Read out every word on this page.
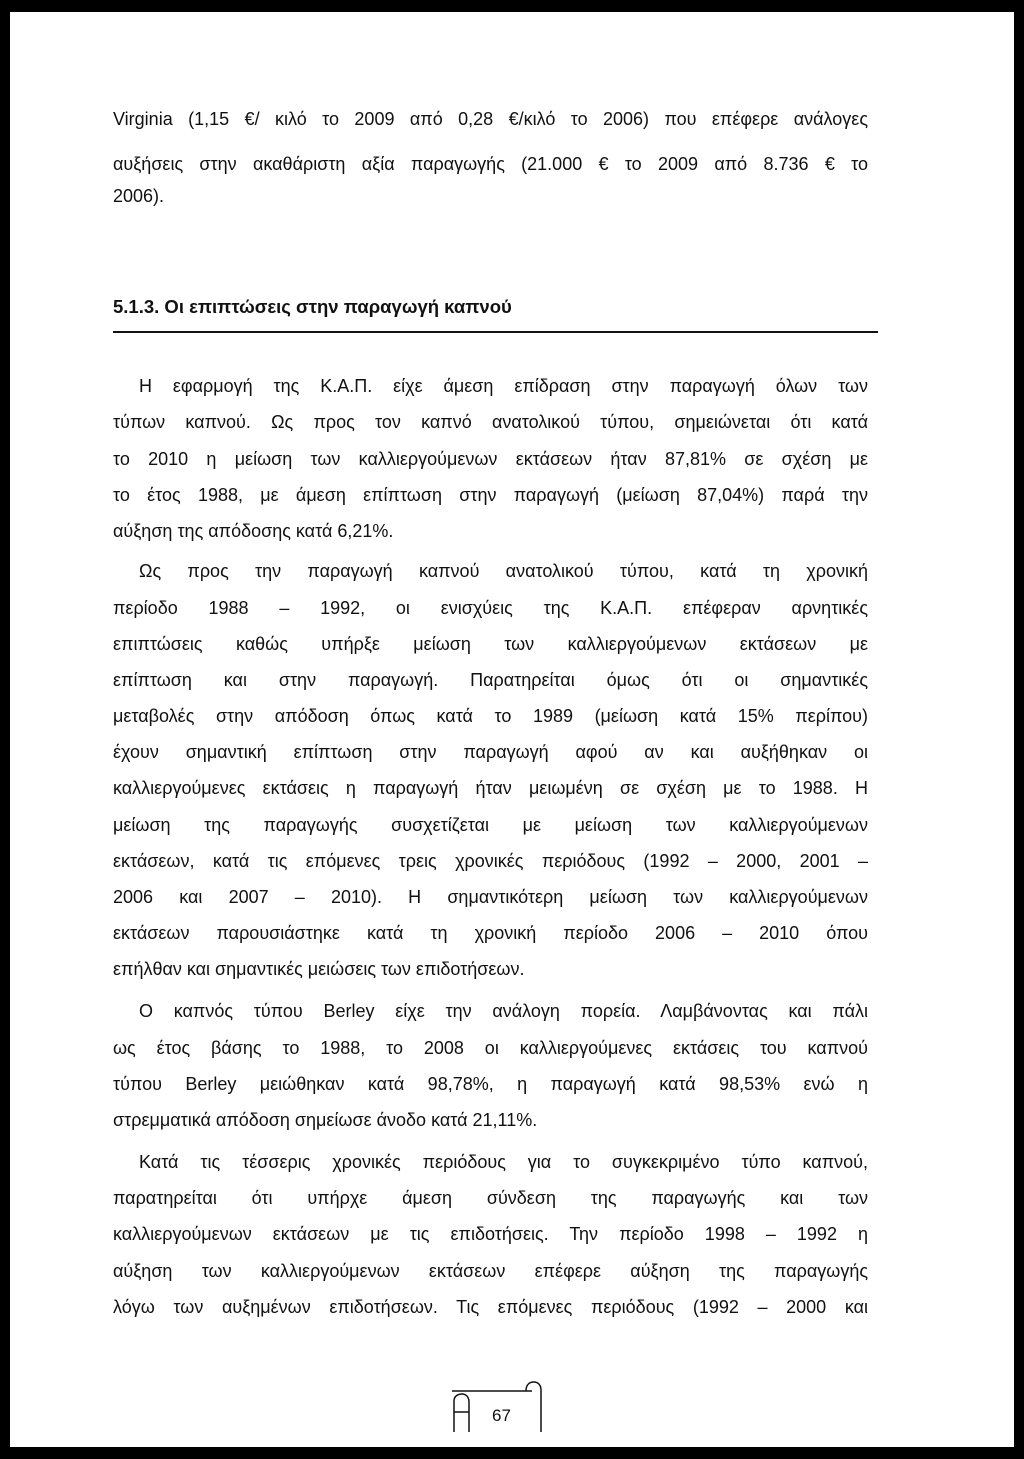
Virginia (1,15 €/ κιλό το 2009 από 0,28 €/κιλό το 2006) που επέφερε ανάλογες
αυξήσεις στην ακαθάριστη αξία παραγωγής (21.000 € το 2009 από 8.736 € το
2006).
5.1.3. Οι επιπτώσεις στην παραγωγή καπνού
Η εφαρμογή της Κ.Α.Π. είχε άμεση επίδραση στην παραγωγή όλων των
τύπων καπνού. Ως προς τον καπνό ανατολικού τύπου, σημειώνεται ότι κατά
το 2010 η μείωση των καλλιεργούμενων εκτάσεων ήταν 87,81% σε σχέση με
το έτος 1988, με άμεση επίπτωση στην παραγωγή (μείωση 87,04%) παρά την
αύξηση της απόδοσης κατά 6,21%.
Ως προς την παραγωγή καπνού ανατολικού τύπου, κατά τη χρονική
περίοδο 1988 – 1992, οι ενισχύεις της Κ.Α.Π. επέφεραν αρνητικές
επιπτώσεις καθώς υπήρξε μείωση των καλλιεργούμενων εκτάσεων με
επίπτωση και στην παραγωγή. Παρατηρείται όμως ότι οι σημαντικές
μεταβολές στην απόδοση όπως κατά το 1989 (μείωση κατά 15% περίπου)
έχουν σημαντική επίπτωση στην παραγωγή αφού αν και αυξήθηκαν οι
καλλιεργούμενες εκτάσεις η παραγωγή ήταν μειωμένη σε σχέση με το 1988. Η
μείωση της παραγωγής συσχετίζεται με μείωση των καλλιεργούμενων
εκτάσεων, κατά τις επόμενες τρεις χρονικές περιόδους (1992 – 2000, 2001 –
2006 και 2007 – 2010). Η σημαντικότερη μείωση των καλλιεργούμενων
εκτάσεων παρουσιάστηκε κατά τη χρονική περίοδο 2006 – 2010 όπου
επήλθαν και σημαντικές μειώσεις των επιδοτήσεων.
Ο καπνός τύπου Berley είχε την ανάλογη πορεία. Λαμβάνοντας και πάλι
ως έτος βάσης το 1988, το 2008 οι καλλιεργούμενες εκτάσεις του καπνού
τύπου Berley μειώθηκαν κατά 98,78%, η παραγωγή κατά 98,53% ενώ η
στρεμματικά απόδοση σημείωσε άνοδο κατά 21,11%.
Κατά τις τέσσερις χρονικές περιόδους για το συγκεκριμένο τύπο καπνού,
παρατηρείται ότι υπήρχε άμεση σύνδεση της παραγωγής και των
καλλιεργούμενων εκτάσεων με τις επιδοτήσεις. Την περίοδο 1998 – 1992 η
αύξηση των καλλιεργούμενων εκτάσεων επέφερε αύξηση της παραγωγής
λόγω των αυξημένων επιδοτήσεων. Τις επόμενες περιόδους (1992 – 2000 και
67
